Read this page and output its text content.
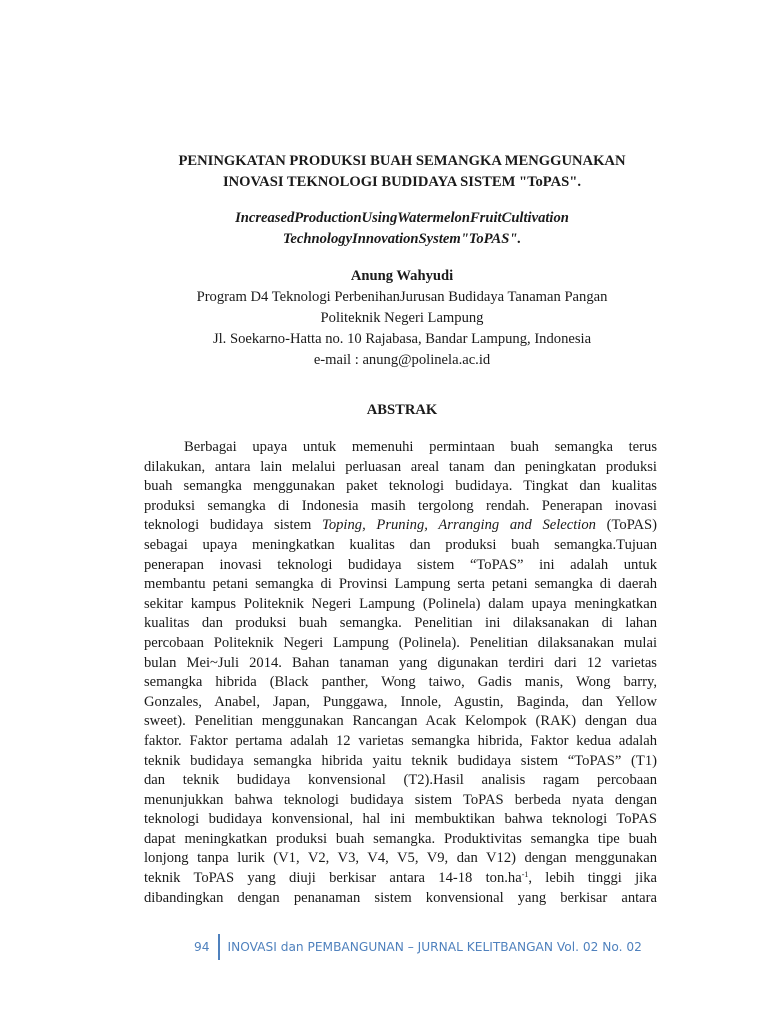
PENINGKATAN PRODUKSI BUAH SEMANGKA MENGGUNAKAN
INOVASI TEKNOLOGI BUDIDAYA SISTEM "ToPAS".
IncreasedProductionUsingWatermelonFruitCultivation
TechnologyInnovationSystem"ToPAS".
Anung Wahyudi
Program D4 Teknologi PerbenihanJurusan Budidaya Tanaman Pangan
Politeknik Negeri Lampung
Jl. Soekarno-Hatta no. 10 Rajabasa, Bandar Lampung, Indonesia
e-mail : anung@polinela.ac.id
ABSTRAK
Berbagai upaya untuk memenuhi permintaan buah semangka terus
dilakukan, antara lain melalui perluasan areal tanam dan peningkatan produksi
buah semangka menggunakan paket teknologi budidaya. Tingkat dan kualitas
produksi semangka di Indonesia masih tergolong rendah. Penerapan inovasi
teknologi budidaya sistem Toping, Pruning, Arranging and Selection (ToPAS)
sebagai upaya meningkatkan kualitas dan produksi buah semangka.Tujuan
penerapan inovasi teknologi budidaya sistem “ToPAS” ini adalah untuk
membantu petani semangka di Provinsi Lampung serta petani semangka di daerah
sekitar kampus Politeknik Negeri Lampung (Polinela) dalam upaya meningkatkan
kualitas dan produksi buah semangka. Penelitian ini dilaksanakan di lahan
percobaan Politeknik Negeri Lampung (Polinela). Penelitian dilaksanakan mulai
bulan Mei~Juli 2014. Bahan tanaman yang digunakan terdiri dari 12 varietas
semangka hibrida (Black panther, Wong taiwo, Gadis manis, Wong barry,
Gonzales, Anabel, Japan, Punggawa, Innole, Agustin, Baginda, dan Yellow
sweet). Penelitian menggunakan Rancangan Acak Kelompok (RAK) dengan dua
faktor. Faktor pertama adalah 12 varietas semangka hibrida, Faktor kedua adalah
teknik budidaya semangka hibrida yaitu teknik budidaya sistem “ToPAS” (T1)
dan teknik budidaya konvensional (T2).Hasil analisis ragam percobaan
menunjukkan bahwa teknologi budidaya sistem ToPAS berbeda nyata dengan
teknologi budidaya konvensional, hal ini membuktikan bahwa teknologi ToPAS
dapat meningkatkan produksi buah semangka. Produktivitas semangka tipe buah
lonjong tanpa lurik (V1, V2, V3, V4, V5, V9, dan V12) dengan menggunakan
teknik ToPAS yang diuji berkisar antara 14-18 $ton.ha^{-1}$, lebih tinggi jika
dibandingkan dengan penanaman sistem konvensional yang berkisar antara
94	INOVASI dan PEMBANGUNAN – JURNAL KELITBANGAN Vol. 02 No. 02
